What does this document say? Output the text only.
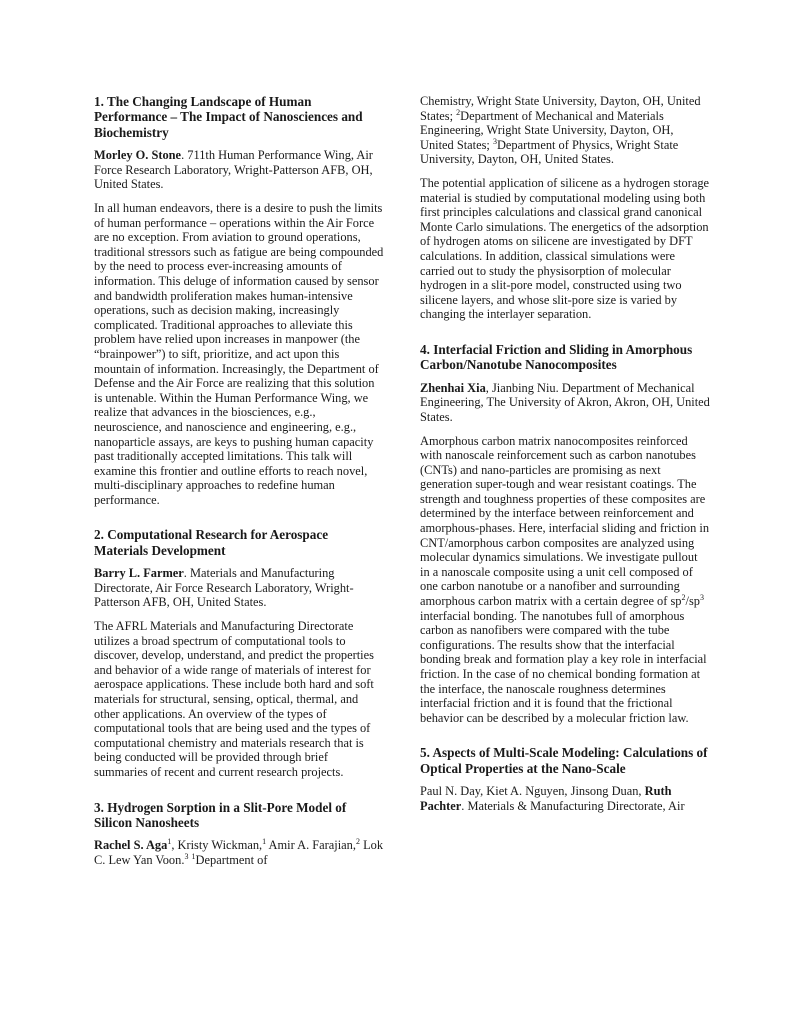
1. The Changing Landscape of Human Performance – The Impact of Nanosciences and Biochemistry

Morley O. Stone. 711th Human Performance Wing, Air Force Research Laboratory, Wright-Patterson AFB, OH, United States.

In all human endeavors, there is a desire to push the limits of human performance – operations within the Air Force are no exception. From aviation to ground operations, traditional stressors such as fatigue are being compounded by the need to process ever-increasing amounts of information. This deluge of information caused by sensor and bandwidth proliferation makes human-intensive operations, such as decision making, increasingly complicated. Traditional approaches to alleviate this problem have relied upon increases in manpower (the “brainpower”) to sift, prioritize, and act upon this mountain of information. Increasingly, the Department of Defense and the Air Force are realizing that this solution is untenable. Within the Human Performance Wing, we realize that advances in the biosciences, e.g., neuroscience, and nanoscience and engineering, e.g., nanoparticle assays, are keys to pushing human capacity past traditionally accepted limitations. This talk will examine this frontier and outline efforts to reach novel, multi-disciplinary approaches to redefine human performance.

2. Computational Research for Aerospace Materials Development

Barry L. Farmer. Materials and Manufacturing Directorate, Air Force Research Laboratory, Wright-Patterson AFB, OH, United States.

The AFRL Materials and Manufacturing Directorate utilizes a broad spectrum of computational tools to discover, develop, understand, and predict the properties and behavior of a wide range of materials of interest for aerospace applications. These include both hard and soft materials for structural, sensing, optical, thermal, and other applications. An overview of the types of computational tools that are being used and the types of computational chemistry and materials research that is being conducted will be provided through brief summaries of recent and current research projects.

3. Hydrogen Sorption in a Slit-Pore Model of Silicon Nanosheets

Rachel S. Aga$^1$, Kristy Wickman,$^1$ Amir A. Farajian,$^2$ Lok C. Lew Yan Voon.$^3$ $^1$Department of

Chemistry, Wright State University, Dayton, OH, United States; $^2$Department of Mechanical and Materials Engineering, Wright State University, Dayton, OH, United States; $^3$Department of Physics, Wright State University, Dayton, OH, United States.

The potential application of silicene as a hydrogen storage material is studied by computational modeling using both first principles calculations and classical grand canonical Monte Carlo simulations. The energetics of the adsorption of hydrogen atoms on silicene are investigated by DFT calculations. In addition, classical simulations were carried out to study the physisorption of molecular hydrogen in a slit-pore model, constructed using two silicene layers, and whose slit-pore size is varied by changing the interlayer separation.

4. Interfacial Friction and Sliding in Amorphous Carbon/Nanotube Nanocomposites

Zhenhai Xia, Jianbing Niu. Department of Mechanical Engineering, The University of Akron, Akron, OH, United States.

Amorphous carbon matrix nanocomposites reinforced with nanoscale reinforcement such as carbon nanotubes (CNTs) and nano-particles are promising as next generation super-tough and wear resistant coatings. The strength and toughness properties of these composites are determined by the interface between reinforcement and amorphous-phases. Here, interfacial sliding and friction in CNT/amorphous carbon composites are analyzed using molecular dynamics simulations. We investigate pullout in a nanoscale composite using a unit cell composed of one carbon nanotube or a nanofiber and surrounding amorphous carbon matrix with a certain degree of $sp^2/sp^3$ interfacial bonding. The nanotubes full of amorphous carbon as nanofibers were compared with the tube configurations. The results show that the interfacial bonding break and formation play a key role in interfacial friction. In the case of no chemical bonding formation at the interface, the nanoscale roughness determines interfacial friction and it is found that the frictional behavior can be described by a molecular friction law.

5. Aspects of Multi-Scale Modeling: Calculations of Optical Properties at the Nano-Scale

Paul N. Day, Kiet A. Nguyen, Jinsong Duan, Ruth Pachter. Materials & Manufacturing Directorate, Air
